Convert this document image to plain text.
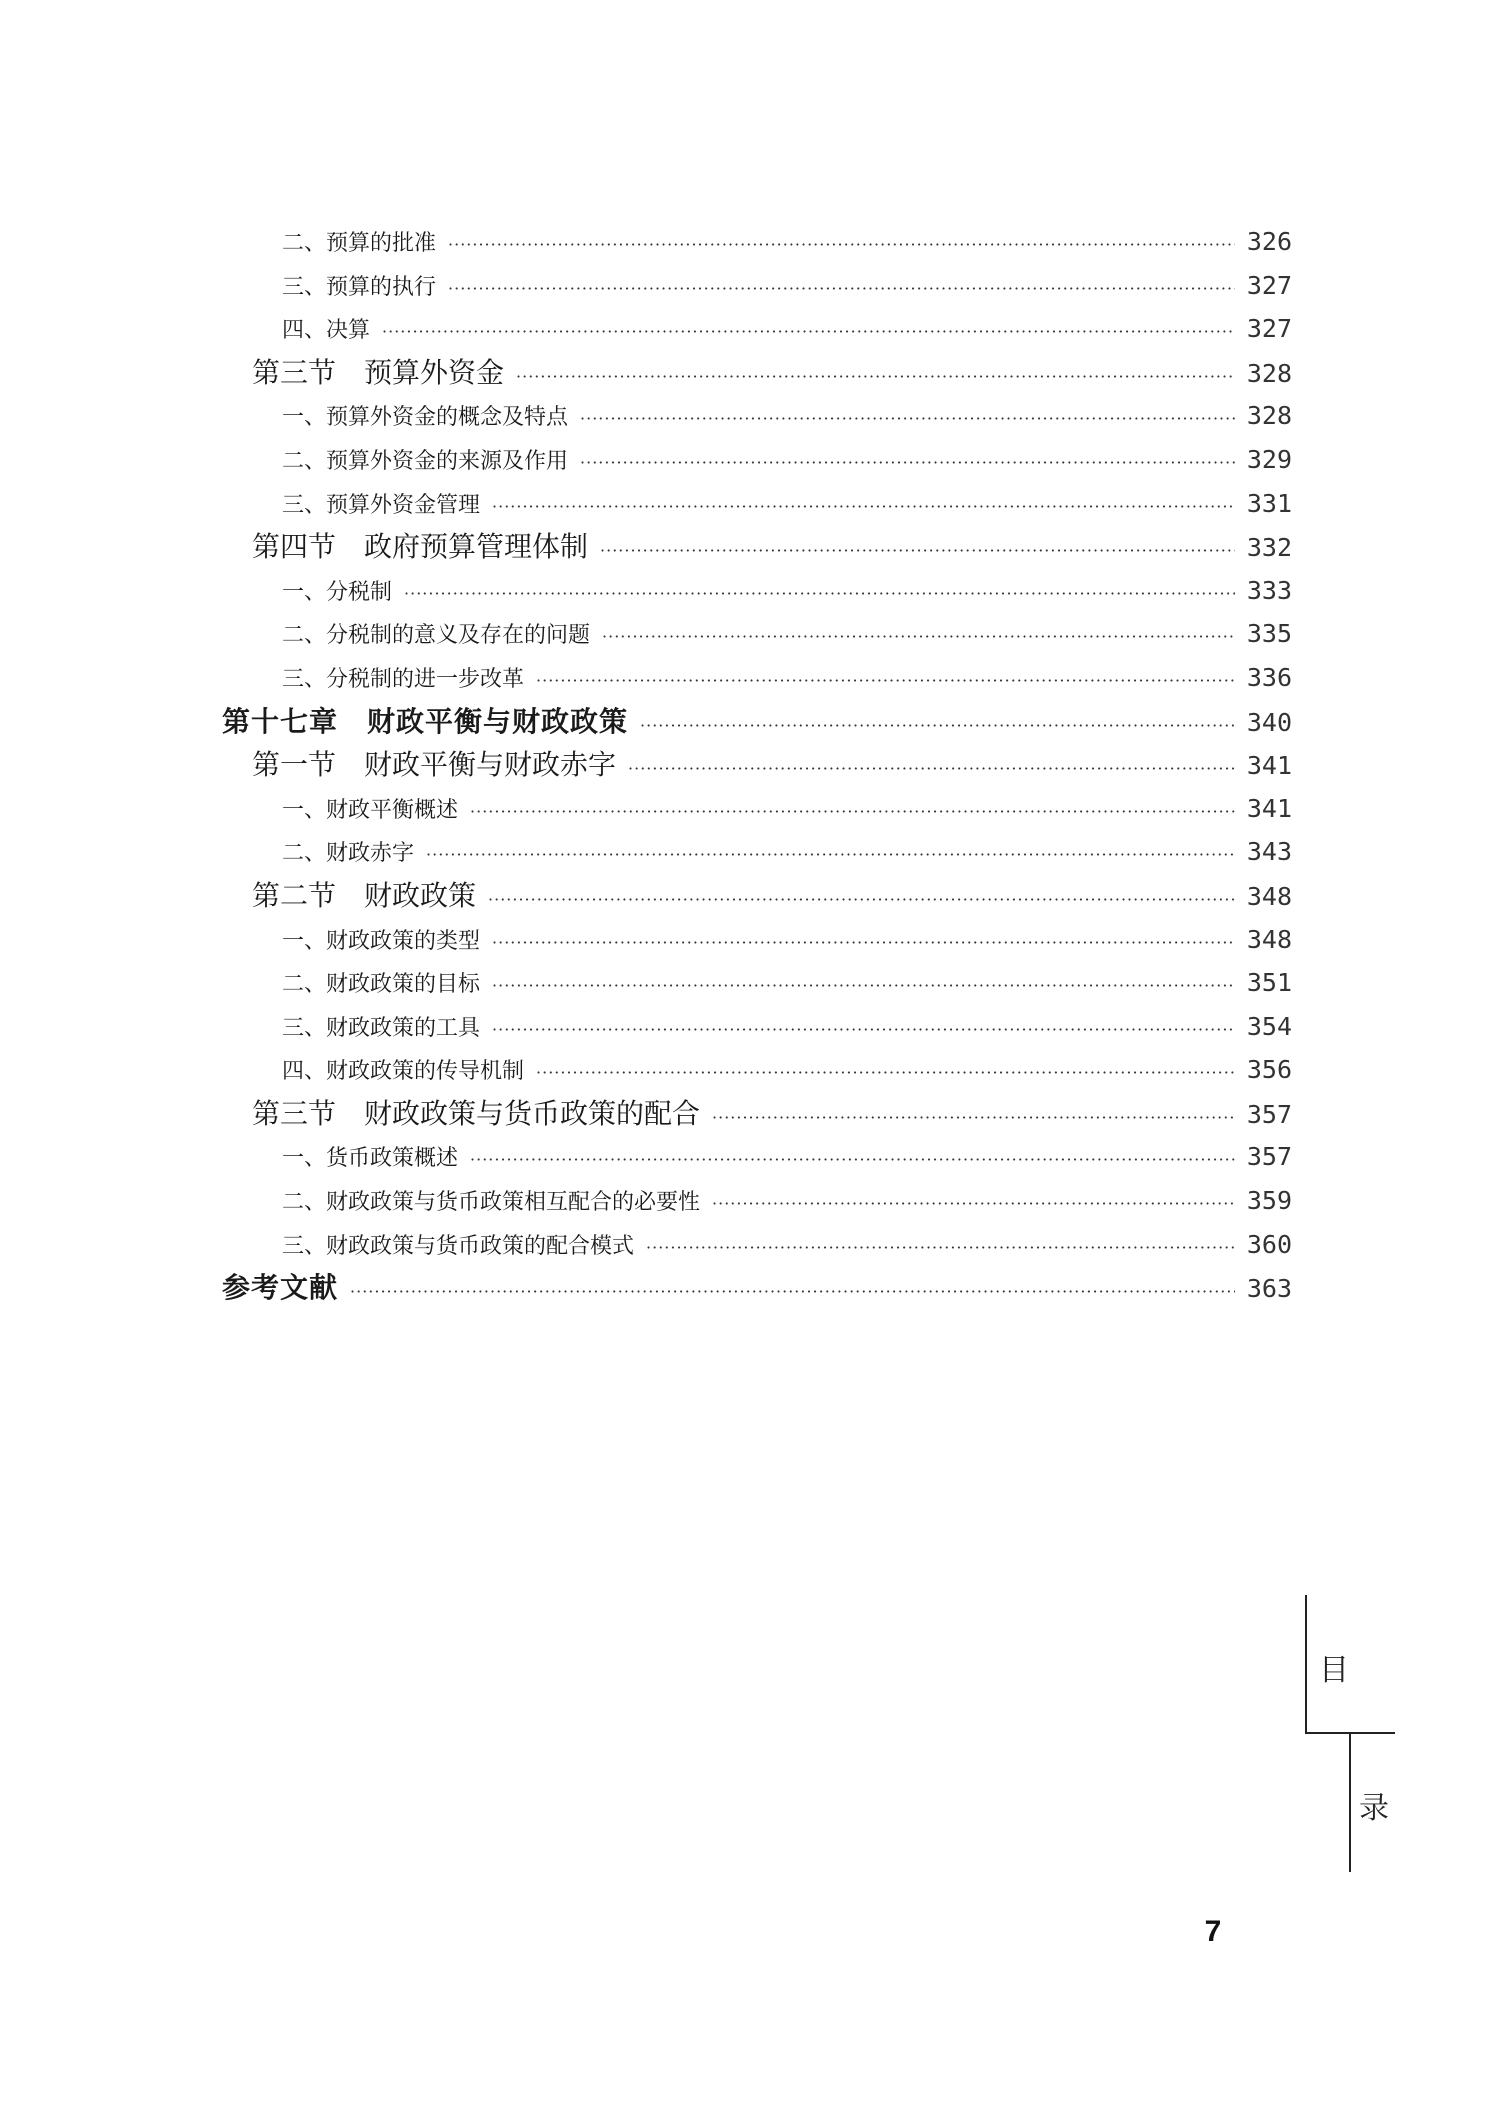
二、预算的批准 ·····	326
三、预算的执行 ·····	327
四、决算 ·····	327
第三节　预算外资金 ·····	328
一、预算外资金的概念及特点 ·····	328
二、预算外资金的来源及作用 ·····	329
三、预算外资金管理 ·····	331
第四节　政府预算管理体制 ·····	332
一、分税制 ·····	333
二、分税制的意义及存在的问题 ·····	335
三、分税制的进一步改革 ·····	336
第十七章　财政平衡与财政政策 ·····	340
第一节　财政平衡与财政赤字 ·····	341
一、财政平衡概述 ·····	341
二、财政赤字 ·····	343
第二节　财政政策 ·····	348
一、财政政策的类型 ·····	348
二、财政政策的目标 ·····	351
三、财政政策的工具 ·····	354
四、财政政策的传导机制 ·····	356
第三节　财政政策与货币政策的配合 ·····	357
一、货币政策概述 ·····	357
二、财政政策与货币政策相互配合的必要性 ·····	359
三、财政政策与货币政策的配合模式 ·····	360
参考文献 ·····	363
目
录
7
